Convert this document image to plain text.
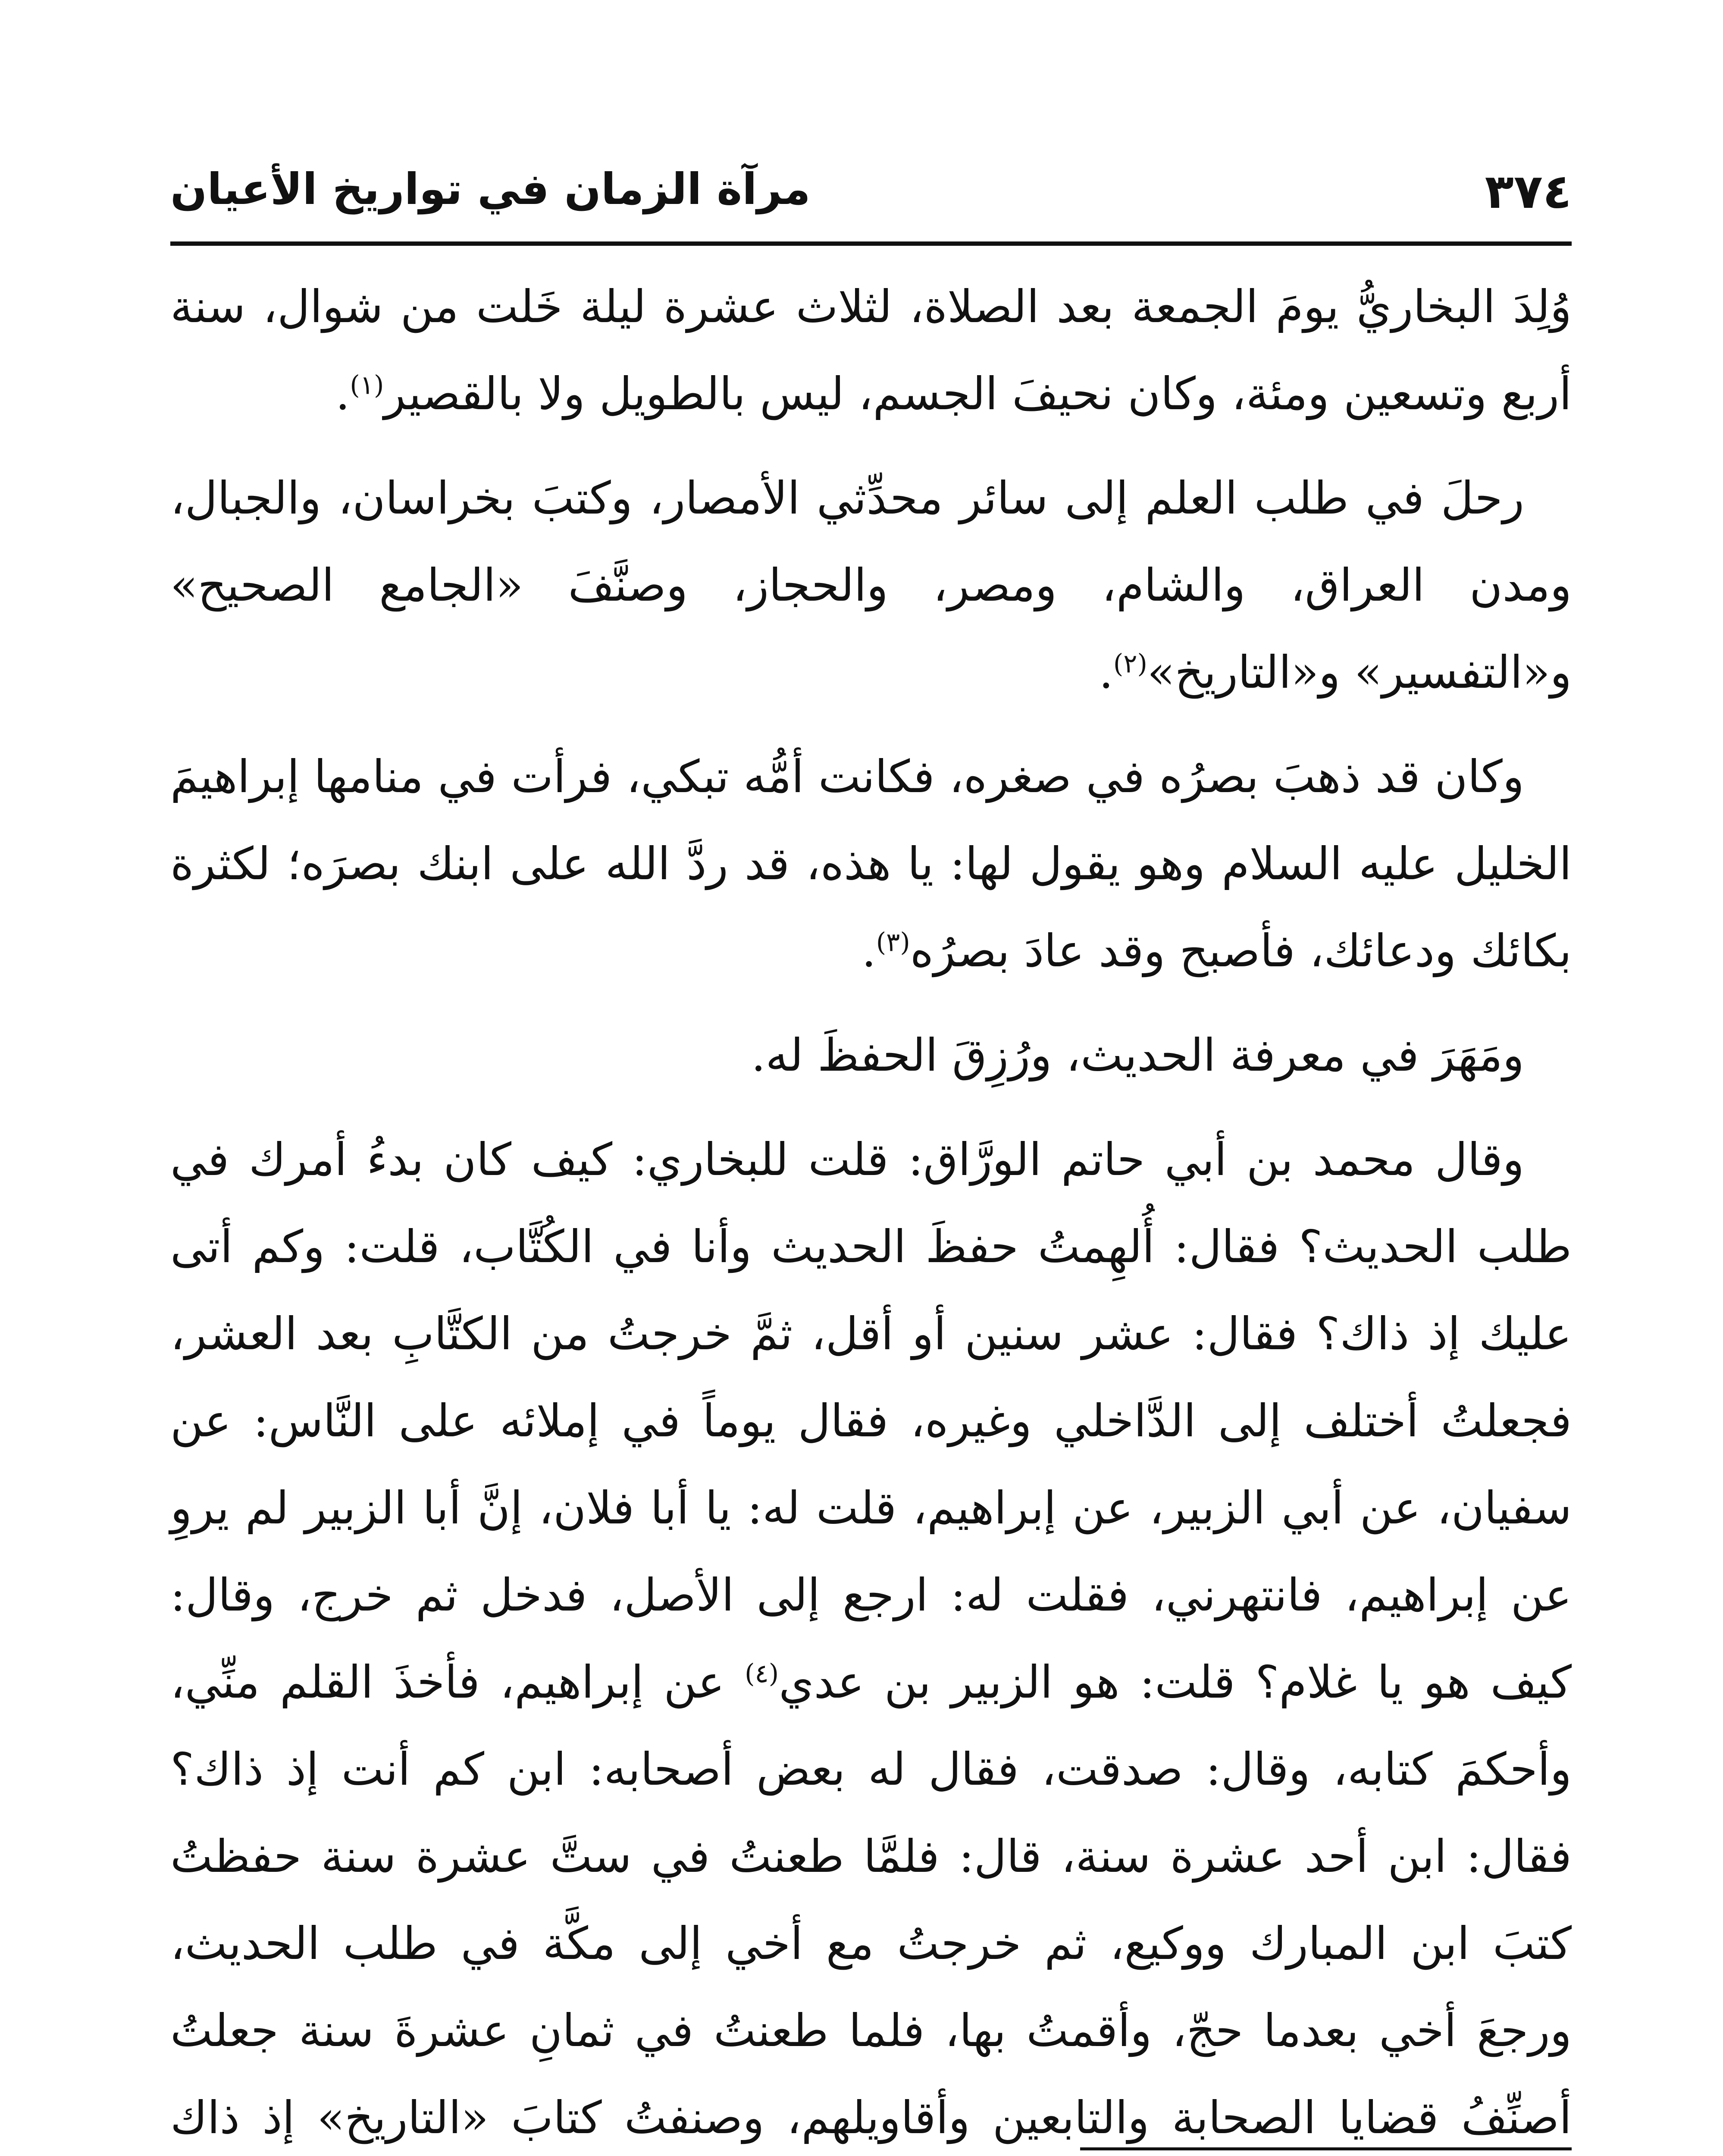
٣٧٤
مرآة الزمان في تواريخ الأعيان

وُلِدَ البخاريُّ يومَ الجمعة بعد الصلاة، لثلاث عشرة ليلة خَلت من شوال، سنة أربع وتسعين ومئة، وكان نحيفَ الجسم، ليس بالطويل ولا بالقصير$^{(١)}$.

رحلَ في طلب العلم إلى سائر محدِّثي الأمصار، وكتبَ بخراسان، والجبال، ومدن العراق، والشام، ومصر، والحجاز، وصنَّفَ «الجامع الصحيح» و«التفسير» و«التاريخ»$^{(٢)}$.

وكان قد ذهبَ بصرُه في صغره، فكانت أمُّه تبكي، فرأت في منامها إبراهيمَ الخليل عليه السلام وهو يقول لها: يا هذه، قد ردَّ الله على ابنك بصرَه؛ لكثرة بكائك ودعائك، فأصبح وقد عادَ بصرُه$^{(٣)}$.

ومَهَرَ في معرفة الحديث، ورُزِقَ الحفظَ له.

وقال محمد بن أبي حاتم الورَّاق: قلت للبخاري: كيف كان بدءُ أمرك في طلب الحديث؟ فقال: أُلهِمتُ حفظَ الحديث وأنا في الكُتَّاب، قلت: وكم أتى عليك إذ ذاك؟ فقال: عشر سنين أو أقل، ثمَّ خرجتُ من الكتَّابِ بعد العشر، فجعلتُ أختلف إلى الدَّاخلي وغيره، فقال يوماً في إملائه على النَّاس: عن سفيان، عن أبي الزبير، عن إبراهيم، قلت له: يا أبا فلان، إنَّ أبا الزبير لم يروِ عن إبراهيم، فانتهرني، فقلت له: ارجع إلى الأصل، فدخل ثم خرج، وقال: كيف هو يا غلام؟ قلت: هو الزبير بن عدي$^{(٤)}$ عن إبراهيم، فأخذَ القلم منِّي، وأحكمَ كتابه، وقال: صدقت، فقال له بعض أصحابه: ابن كم أنت إذ ذاك؟ فقال: ابن أحد عشرة سنة، قال: فلمَّا طعنتُ في ستَّ عشرة سنة حفظتُ كتبَ ابن المبارك ووكيع، ثم خرجتُ مع أخي إلى مكَّة في طلب الحديث، ورجعَ أخي بعدما حجّ، وأقمتُ بها، فلما طعنتُ في ثمانِ عشرةَ سنة جعلتُ أصنِّفُ قضايا الصحابة والتابعين وأقاويلهم، وصنفتُ كتابَ «التاريخ» إذ ذاك
